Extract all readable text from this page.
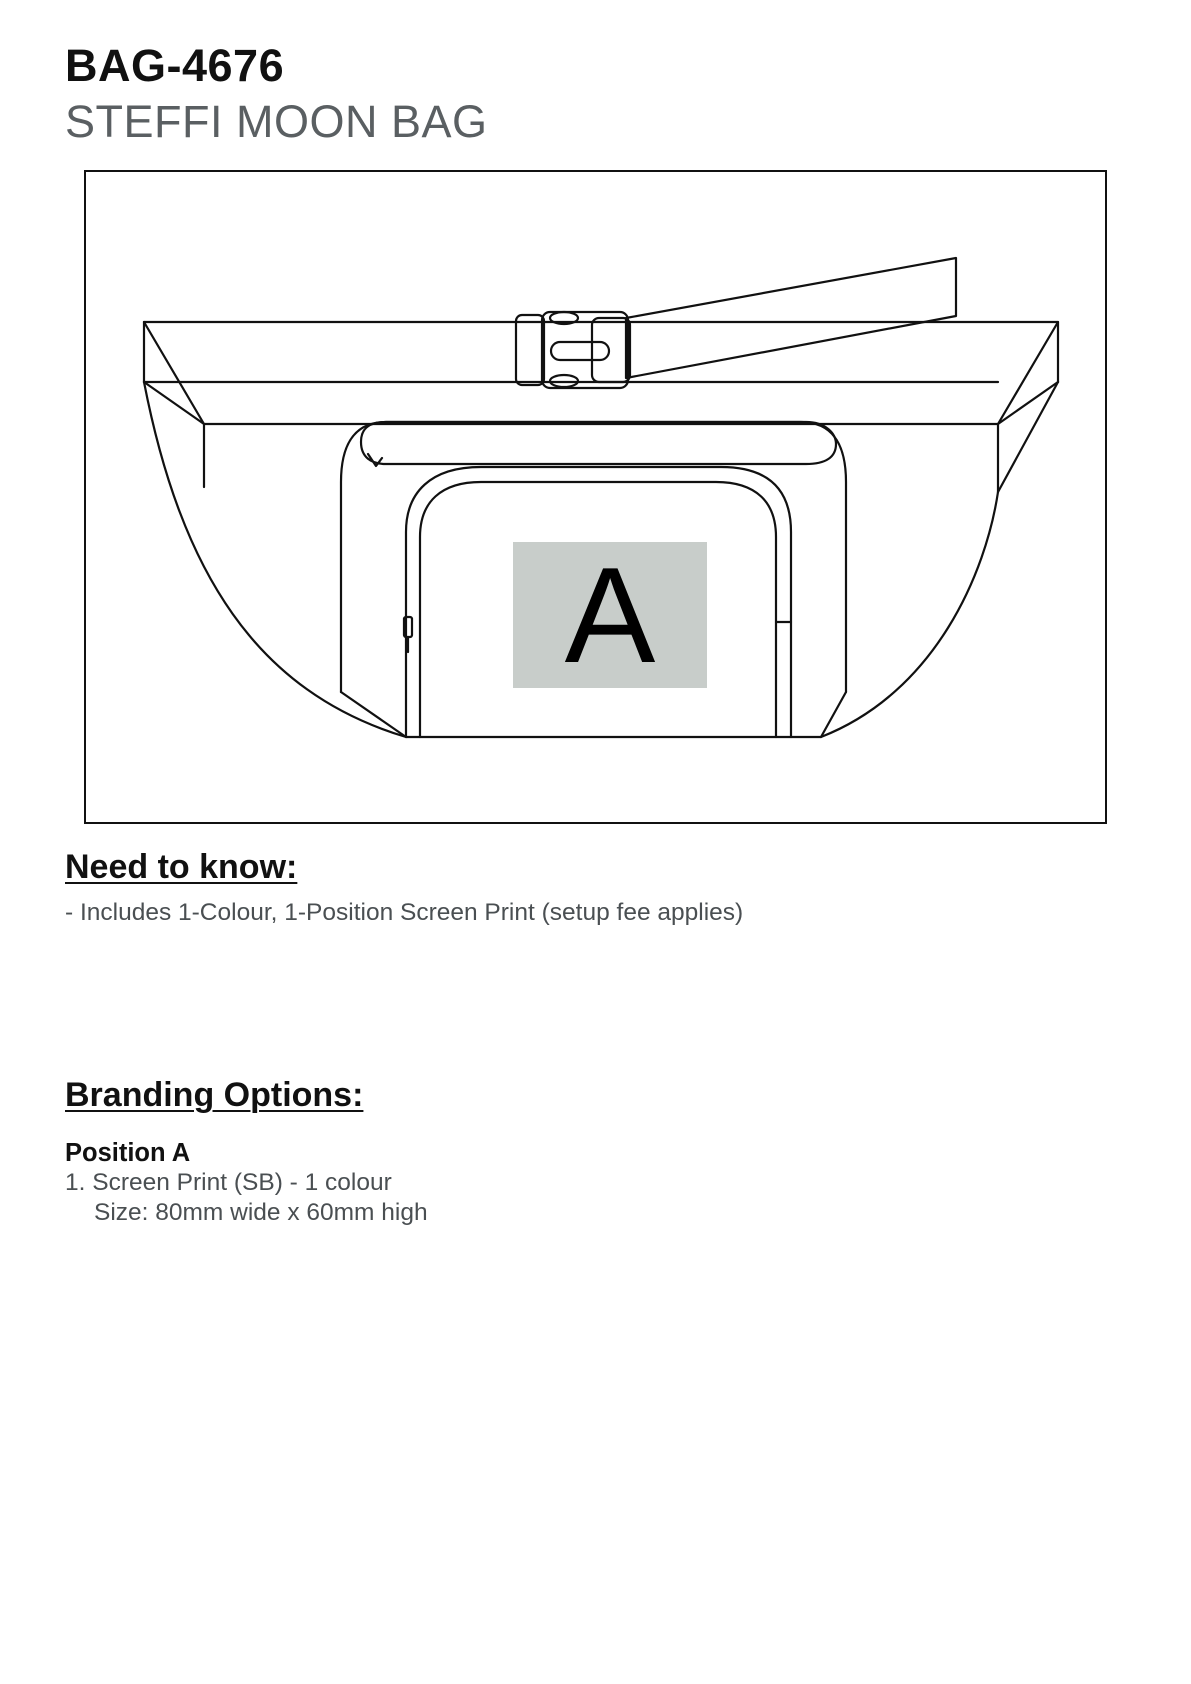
BAG-4676
STEFFI MOON BAG
A
Need to know:
- Includes 1-Colour, 1-Position Screen Print (setup fee applies)
Branding Options:
Position A
1. Screen Print (SB) - 1 colour
Size: 80mm wide x 60mm high
